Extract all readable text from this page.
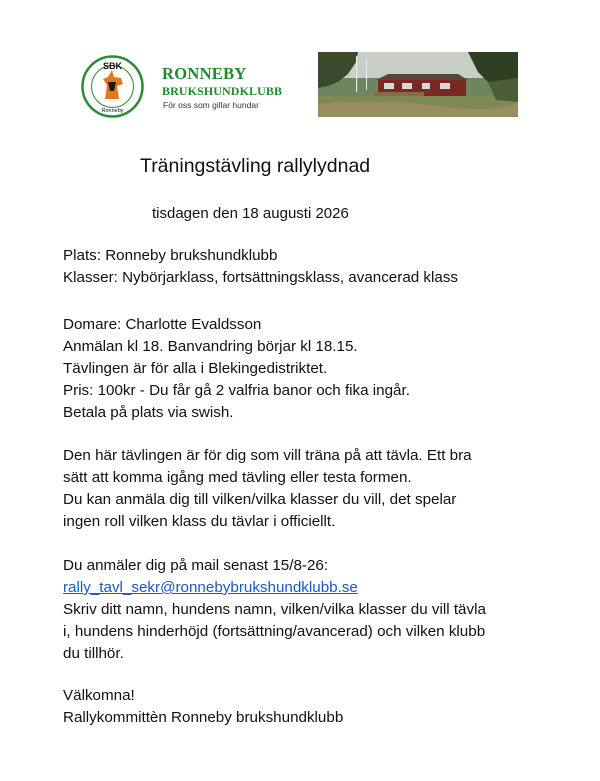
SBK
Ronneby
RONNEBY
BRUKSHUNDKLUBB
För oss som gillar hundar
Träningstävling rallylydnad
tisdagen den 18 augusti 2026
Plats: Ronneby brukshundklubb
Klasser: Nybörjarklass, fortsättningsklass, avancerad klass
Domare: Charlotte Evaldsson
Anmälan kl 18. Banvandring börjar kl 18.15.
Tävlingen är för alla i Blekingedistriktet.
Pris: 100kr - Du får gå 2 valfria banor och fika ingår.
Betala på plats via swish.
Den här tävlingen är för dig som vill träna på att tävla. Ett bra
sätt att komma igång med tävling eller testa formen.
Du kan anmäla dig till vilken/vilka klasser du vill, det spelar
ingen roll vilken klass du tävlar i officiellt.
Du anmäler dig på mail senast 15/8-26:
rally_tavl_sekr@ronnebybrukshundklubb.se
Skriv ditt namn, hundens namn, vilken/vilka klasser du vill tävla
i, hundens hinderhöjd (fortsättning/avancerad) och vilken klubb
du tillhör.
Välkomna!
Rallykommittèn Ronneby brukshundklubb
